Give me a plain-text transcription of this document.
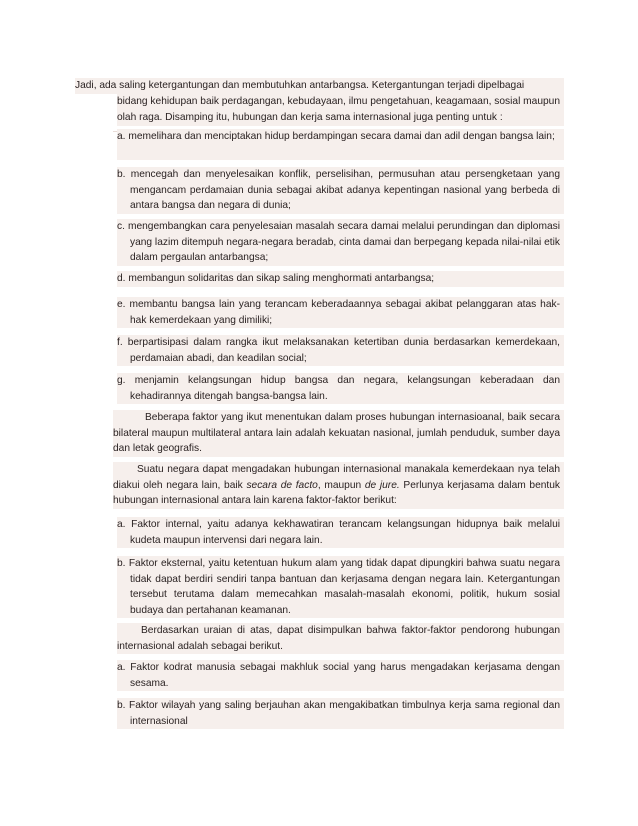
Jadi, ada saling ketergantungan dan membutuhkan antarbangsa. Ketergantungan terjadi dipelbagai
bidang kehidupan baik perdagangan, kebudayaan, ilmu pengetahuan, keagamaan, sosial maupun olah raga. Disamping itu, hubungan dan kerja sama internasional juga penting untuk :
a. memelihara dan menciptakan hidup berdampingan secara damai dan adil dengan bangsa lain;
b. mencegah dan menyelesaikan konflik, perselisihan, permusuhan atau persengketaan yang mengancam perdamaian dunia sebagai akibat adanya kepentingan nasional yang berbeda di antara bangsa dan negara di dunia;
c. mengembangkan cara penyelesaian masalah secara damai melalui perundingan dan diplomasi yang lazim ditempuh negara-negara beradab, cinta damai dan berpegang kepada nilai-nilai etik dalam pergaulan antarbangsa;
d. membangun solidaritas dan sikap saling menghormati antarbangsa;
e. membantu bangsa lain yang terancam keberadaannya sebagai akibat pelanggaran atas hak-hak kemerdekaan yang dimiliki;
f. berpartisipasi dalam rangka ikut melaksanakan ketertiban dunia berdasarkan kemerdekaan, perdamaian abadi, dan keadilan social;
g. menjamin kelangsungan hidup bangsa dan negara, kelangsungan keberadaan dan kehadirannya ditengah bangsa-bangsa lain.
Beberapa faktor yang ikut menentukan dalam proses hubungan internasioanal, baik secara bilateral maupun multilateral antara lain adalah kekuatan nasional, jumlah penduduk, sumber daya dan letak geografis.
Suatu negara dapat mengadakan hubungan internasional manakala kemerdekaan nya telah diakui oleh negara lain, baik secara de facto, maupun de jure. Perlunya kerjasama dalam bentuk hubungan internasional antara lain karena faktor-faktor berikut:
a. Faktor internal, yaitu adanya kekhawatiran terancam kelangsungan hidupnya baik melalui kudeta maupun intervensi dari negara lain.
b. Faktor eksternal, yaitu ketentuan hukum alam yang tidak dapat dipungkiri bahwa suatu negara tidak dapat berdiri sendiri tanpa bantuan dan kerjasama dengan negara lain. Ketergantungan tersebut terutama dalam memecahkan masalah-masalah ekonomi, politik, hukum sosial budaya dan pertahanan keamanan.
Berdasarkan uraian di atas, dapat disimpulkan bahwa faktor-faktor pendorong hubungan internasional adalah sebagai berikut.
a. Faktor kodrat manusia sebagai makhluk social yang harus mengadakan kerjasama dengan sesama.
b. Faktor wilayah yang saling berjauhan akan mengakibatkan timbulnya kerja sama regional dan internasional
